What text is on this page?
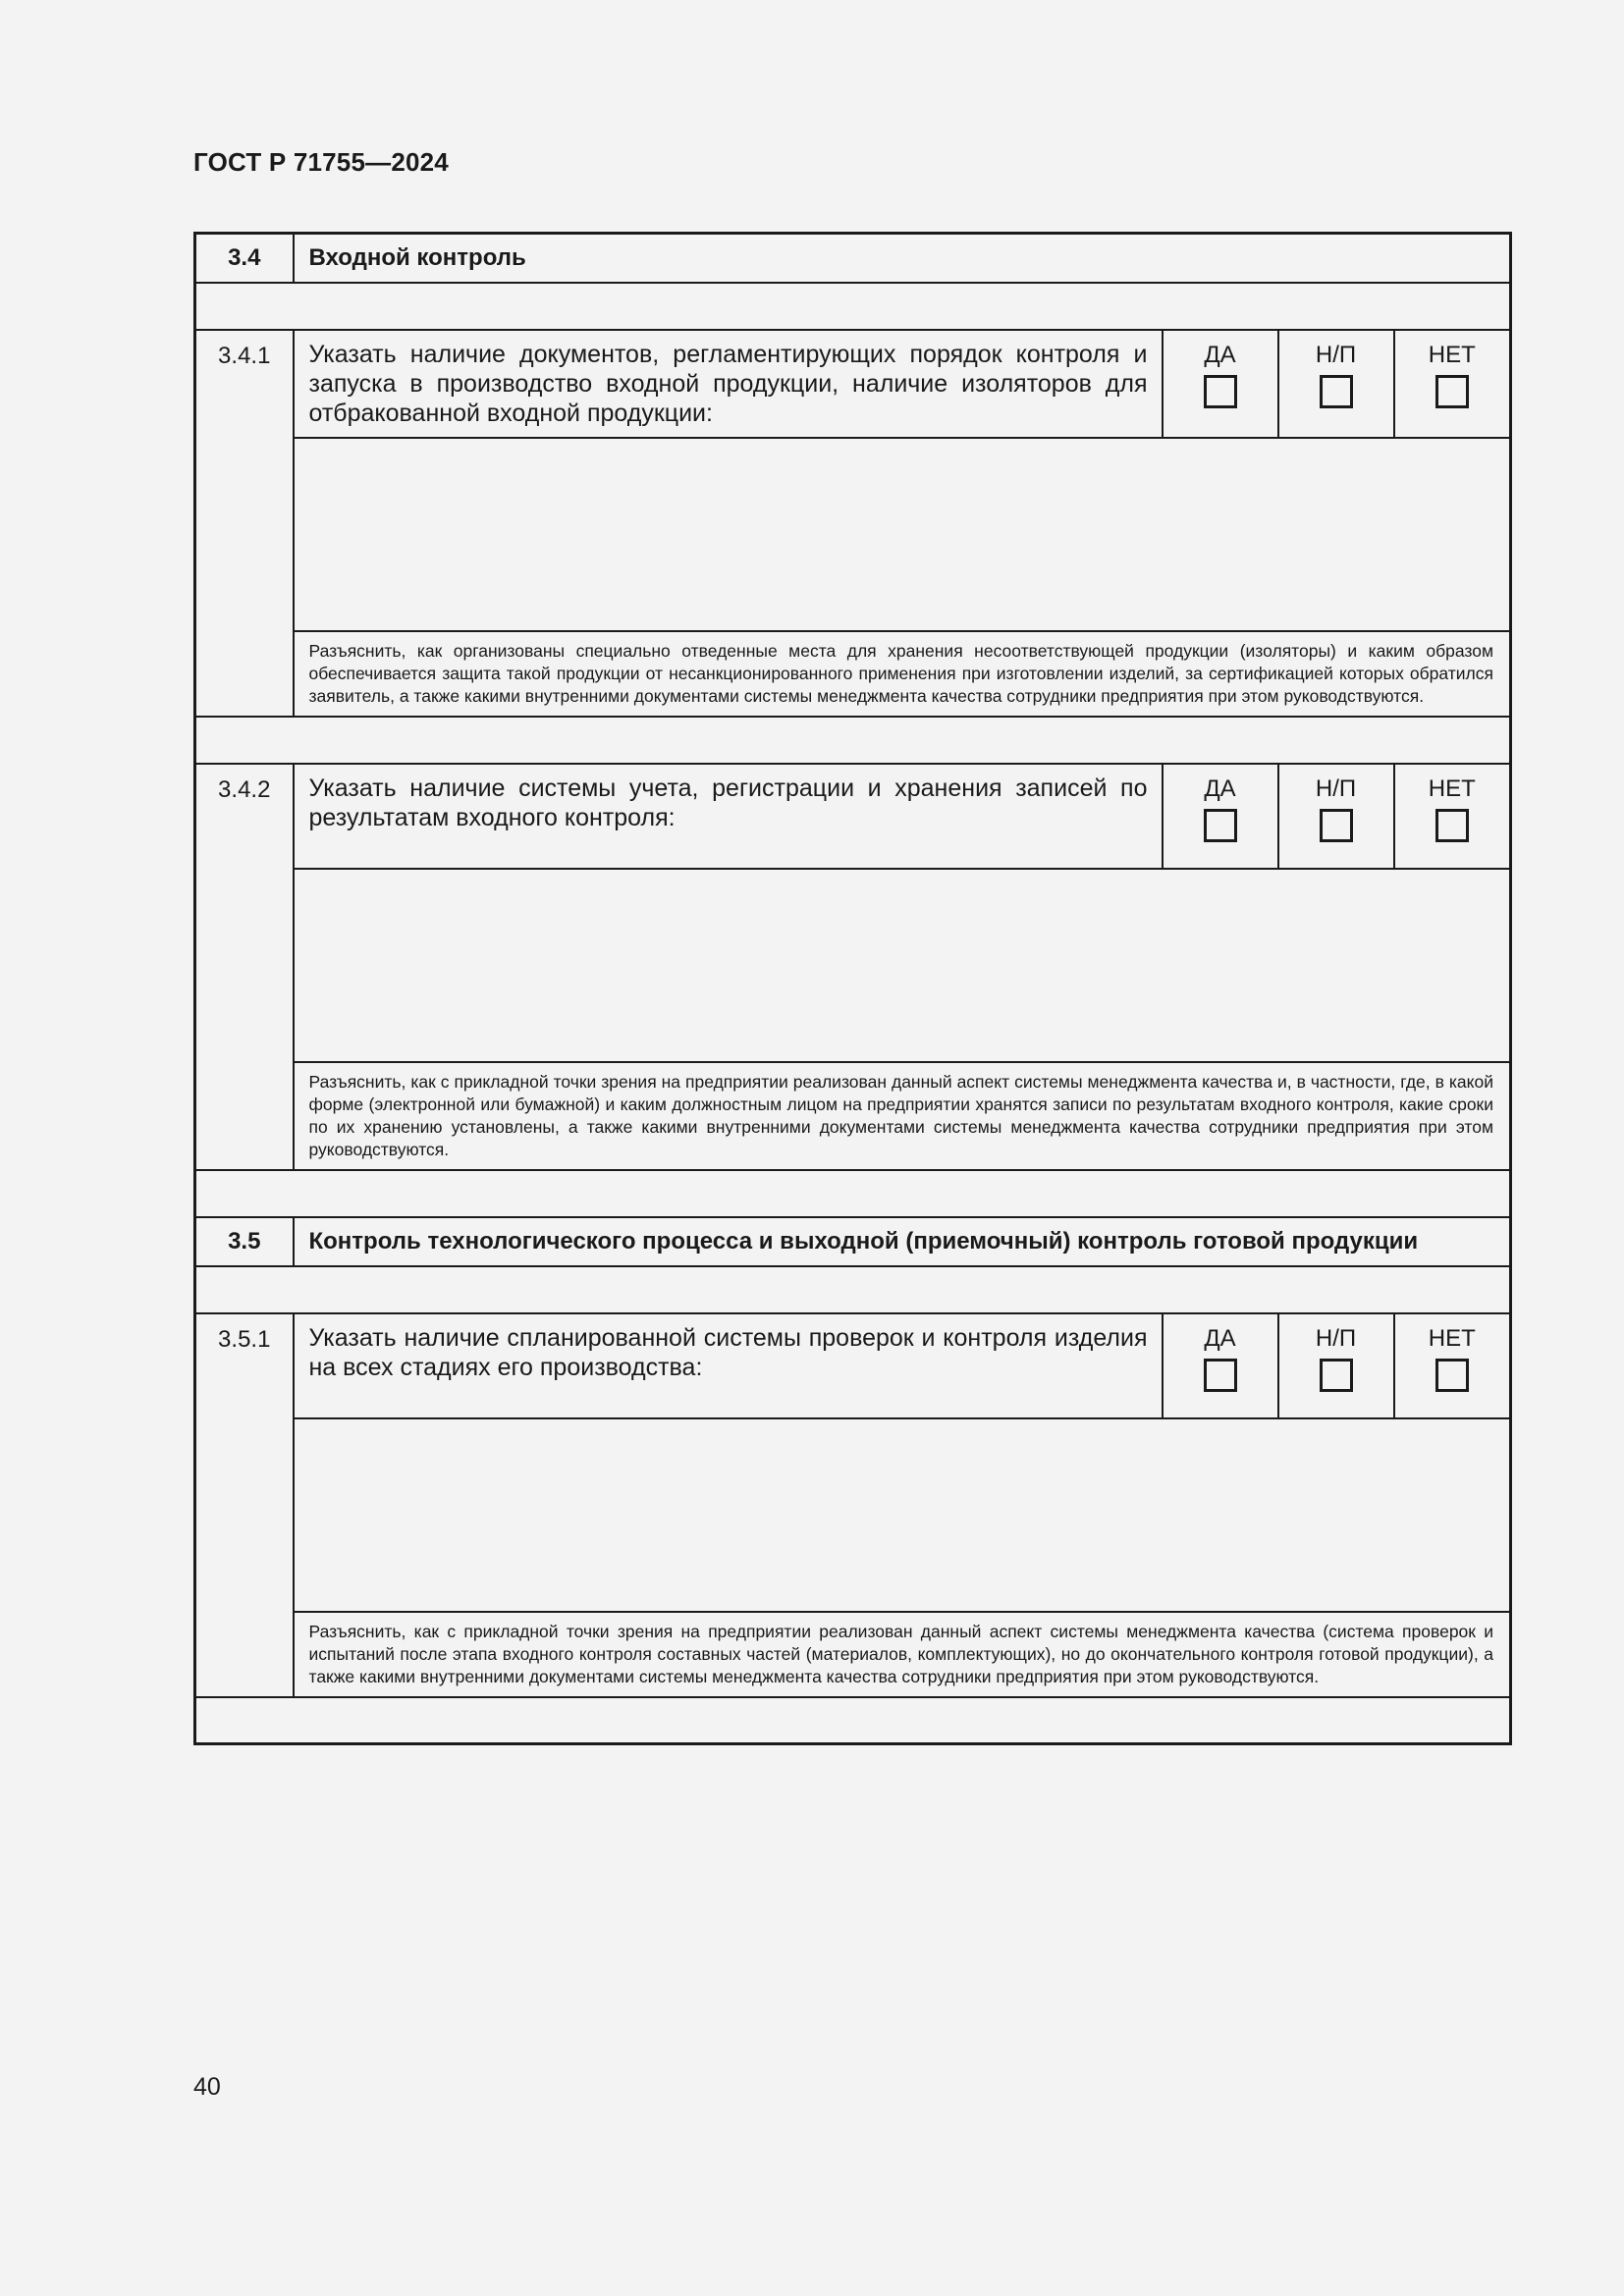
ГОСТ Р 71755—2024
3.4	Входной контроль			

3.4.1	Указать наличие документов, регламентирующих порядок контроля и запуска в производство входной продукции, наличие изоляторов для отбракованной входной продукции:	ДА	Н/П	НЕТ

	Разъяснить, как организованы специально отведенные места для хранения несоответствующей продукции (изоляторы) и каким образом обеспечивается защита такой продукции от несанкционированного применения при изготовлении изделий, за сертификацией которых обратился заявитель, а также какими внутренними документами системы менеджмента качества сотрудники предприятия при этом руководствуются.			

3.4.2	Указать наличие системы учета, регистрации и хранения записей по результатам входного контроля:	ДА	Н/П	НЕТ

	Разъяснить, как с прикладной точки зрения на предприятии реализован данный аспект системы менеджмента качества и, в частности, где, в какой форме (электронной или бумажной) и каким должностным лицом на предприятии хранятся записи по результатам входного контроля, какие сроки по их хранению установлены, а также какими внутренними документами системы менеджмента качества сотрудники предприятия при этом руководствуются.			

3.5	Контроль технологического процесса и выходной (приемочный) контроль готовой продукции			

3.5.1	Указать наличие спланированной системы проверок и контроля изделия на всех стадиях его производства:	ДА	Н/П	НЕТ

	Разъяснить, как с прикладной точки зрения на предприятии реализован данный аспект системы менеджмента качества (система проверок и испытаний после этапа входного контроля составных частей (материалов, комплектующих), но до окончательного контроля готовой продукции), а также какими внутренними документами системы менеджмента качества сотрудники предприятия при этом руководствуются.			

40
